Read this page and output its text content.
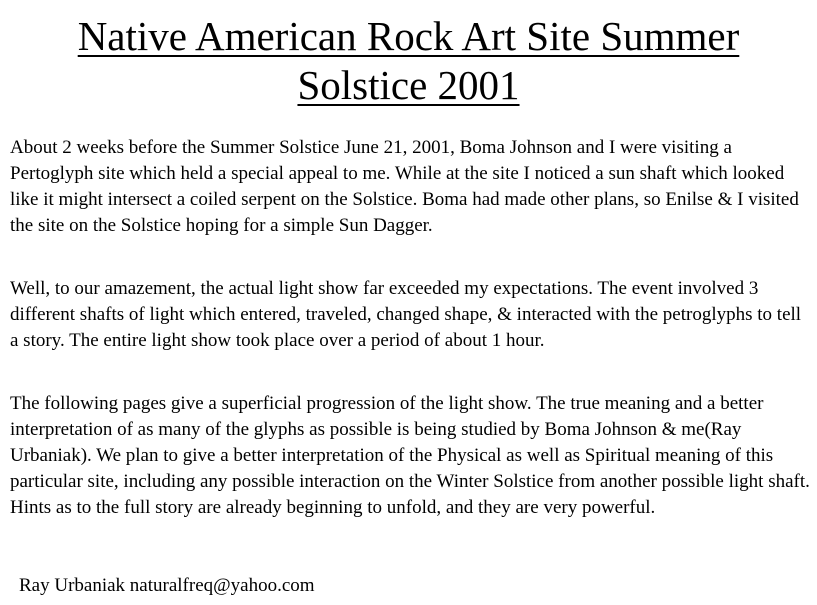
Native American Rock Art Site Summer
Solstice 2001

About 2 weeks before the Summer Solstice June 21, 2001, Boma Johnson and I were visiting a Pertoglyph site which held a special appeal to me. While at the site I noticed a sun shaft which looked like it might intersect a coiled serpent on the Solstice. Boma had made other plans, so Enilse & I visited the site on the Solstice hoping for a simple Sun Dagger.

Well, to our amazement, the actual light show far exceeded my expectations. The event involved 3 different shafts of light which entered, traveled, changed shape, & interacted with the petroglyphs to tell a story. The entire light show took place over a period of about 1 hour.

The following pages give a superficial progression of the light show. The true meaning and a better interpretation of as many of the glyphs as possible is being studied by Boma Johnson & me(Ray Urbaniak). We plan to give a better interpretation of the Physical as well as Spiritual meaning of this particular site, including any possible interaction on the Winter Solstice from another possible light shaft. Hints as to the full story are already beginning to unfold, and they are very powerful.

Ray Urbaniak naturalfreq@yahoo.com
